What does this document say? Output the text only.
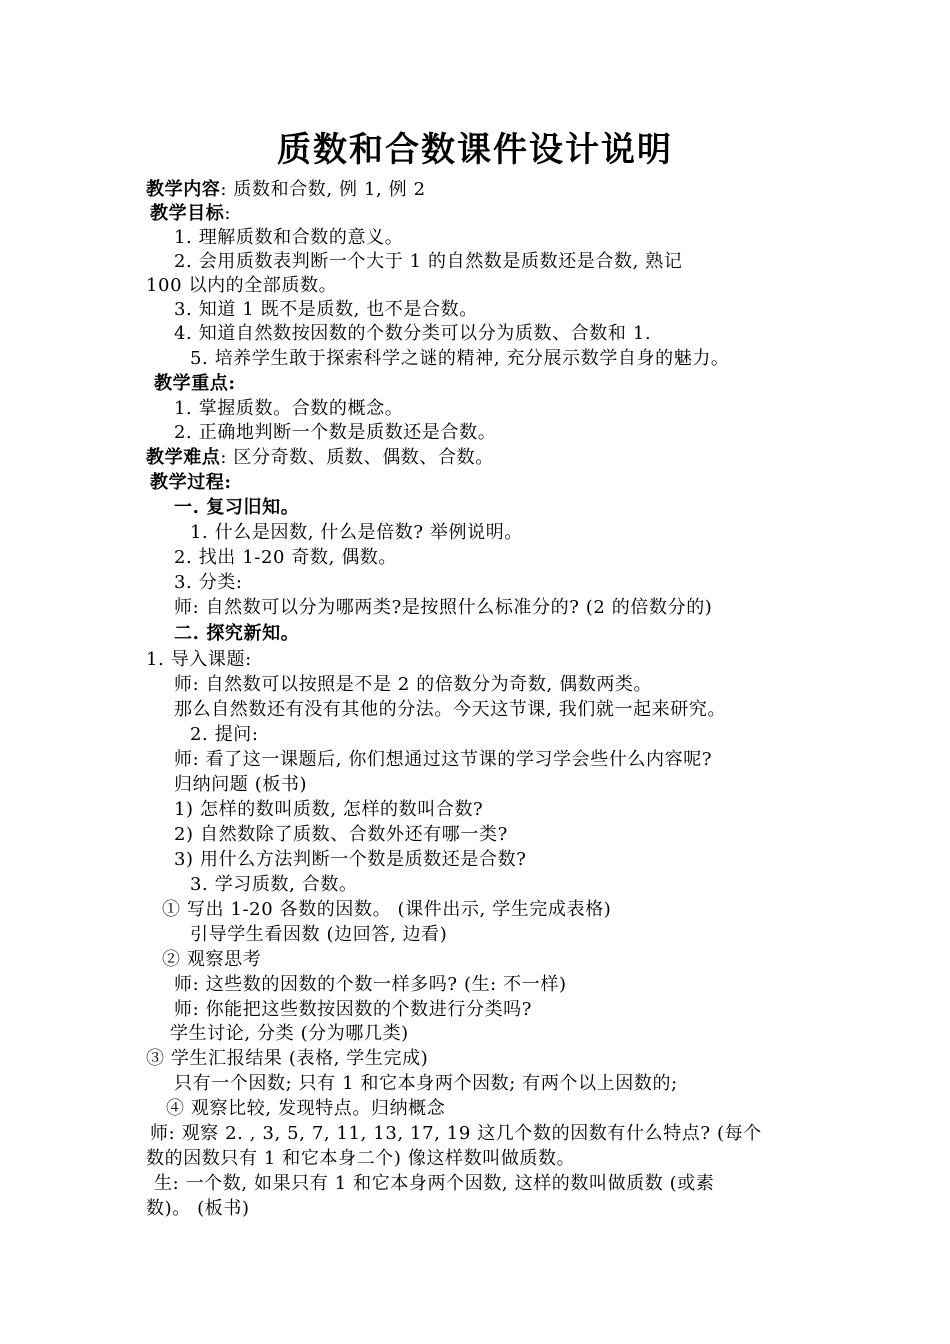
质数和合数课件设计说明
教学内容: 质数和合数, 例 1, 例 2
教学目标:
1. 理解质数和合数的意义。
2. 会用质数表判断一个大于 1 的自然数是质数还是合数, 熟记
100 以内的全部质数。
3. 知道 1 既不是质数, 也不是合数。
4. 知道自然数按因数的个数分类可以分为质数、合数和 1.
5. 培养学生敢于探索科学之谜的精神, 充分展示数学自身的魅力。
教学重点:
1. 掌握质数。合数的概念。
2. 正确地判断一个数是质数还是合数。
教学难点: 区分奇数、质数、偶数、合数。
教学过程:
一. 复习旧知。
1. 什么是因数, 什么是倍数? 举例说明。
2. 找出 1-20 奇数, 偶数。
3. 分类:
师: 自然数可以分为哪两类?是按照什么标准分的? (2 的倍数分的)
二. 探究新知。
1. 导入课题:
师: 自然数可以按照是不是 2 的倍数分为奇数, 偶数两类。
那么自然数还有没有其他的分法。今天这节课, 我们就一起来研究。
2. 提问:
师: 看了这一课题后, 你们想通过这节课的学习学会些什么内容呢?
归纳问题 (板书)
1) 怎样的数叫质数, 怎样的数叫合数?
2) 自然数除了质数、合数外还有哪一类?
3) 用什么方法判断一个数是质数还是合数?
3. 学习质数, 合数。
① 写出 1-20 各数的因数。 (课件出示, 学生完成表格)
引导学生看因数 (边回答, 边看)
② 观察思考
师: 这些数的因数的个数一样多吗? (生: 不一样)
师: 你能把这些数按因数的个数进行分类吗?
学生讨论, 分类 (分为哪几类)
③ 学生汇报结果 (表格, 学生完成)
只有一个因数; 只有 1 和它本身两个因数; 有两个以上因数的;
④ 观察比较, 发现特点。归纳概念
师: 观察 2. , 3, 5, 7, 11, 13, 17, 19 这几个数的因数有什么特点? (每个
数的因数只有 1 和它本身二个) 像这样数叫做质数。
生: 一个数, 如果只有 1 和它本身两个因数, 这样的数叫做质数 (或素
数)。 (板书)
